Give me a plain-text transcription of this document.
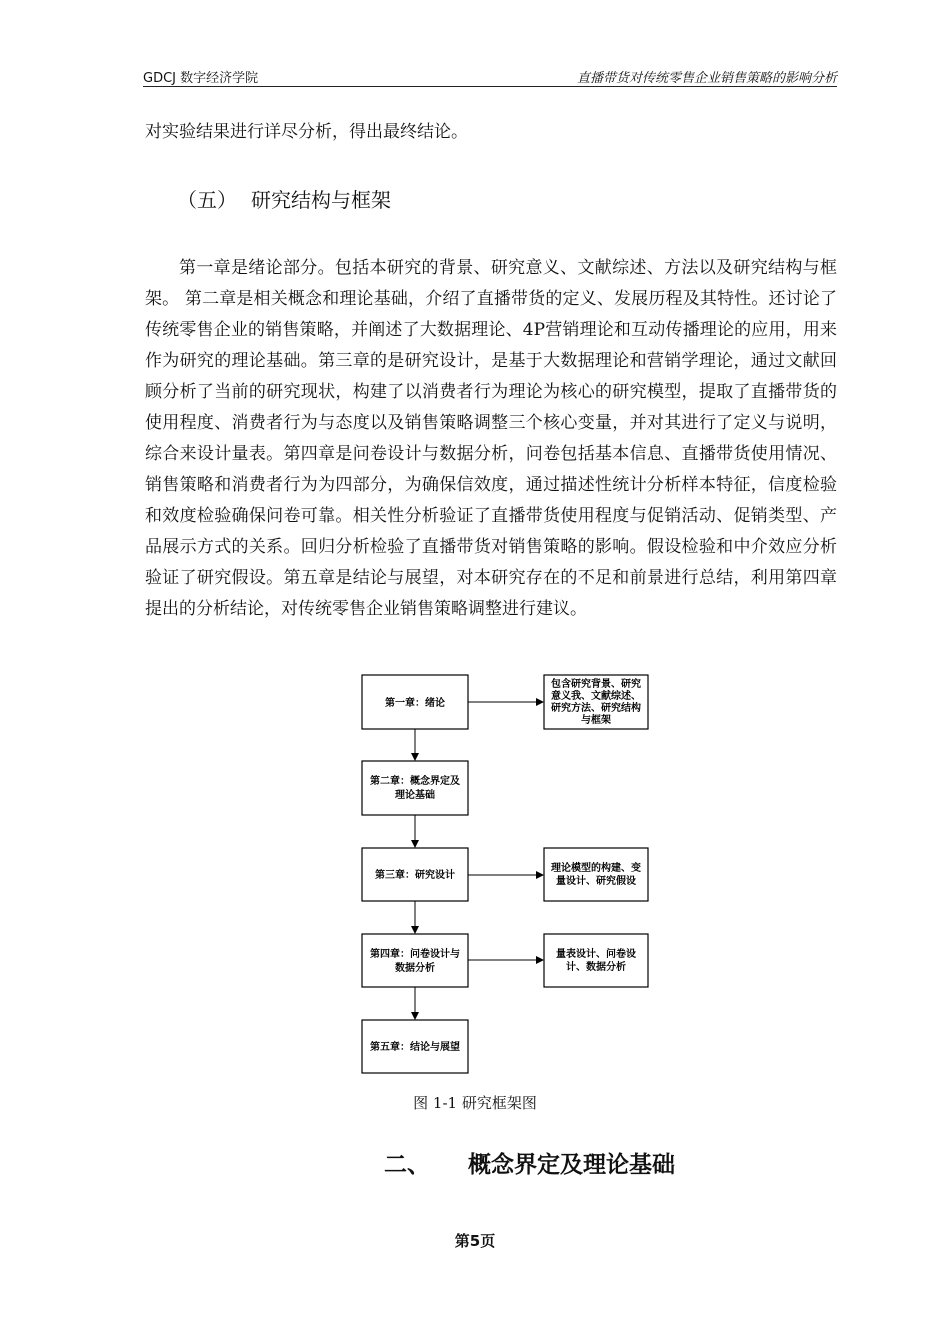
GDCJ 数字经济学院	直播带货对传统零售企业销售策略的影响分析
对实验结果进行详尽分析，得出最终结论。
（五） 研究结构与框架
第一章是绪论部分。包括本研究的背景、研究意义、文献综述、方法以及研究结构与框架。 第二章是相关概念和理论基础，介绍了直播带货的定义、发展历程及其特性。还讨论了传统零售企业的销售策略，并阐述了大数据理论、4P营销理论和互动传播理论的应用，用来作为研究的理论基础。第三章的是研究设计，是基于大数据理论和营销学理论，通过文献回顾分析了当前的研究现状，构建了以消费者行为理论为核心的研究模型，提取了直播带货的使用程度、消费者行为与态度以及销售策略调整三个核心变量，并对其进行了定义与说明，综合来设计量表。第四章是问卷设计与数据分析，问卷包括基本信息、直播带货使用情况、销售策略和消费者行为为四部分，为确保信效度，通过描述性统计分析样本特征，信度检验和效度检验确保问卷可靠。相关性分析验证了直播带货使用程度与促销活动、促销类型、产品展示方式的关系。回归分析检验了直播带货对销售策略的影响。假设检验和中介效应分析验证了研究假设。第五章是结论与展望，对本研究存在的不足和前景进行总结，利用第四章提出的分析结论，对传统零售企业销售策略调整进行建议。
第一章：绪论
第二章：概念界定及
理论基础
第三章：研究设计
第四章：问卷设计与
数据分析
第五章：结论与展望
包含研究背景、研究
意义我、文献综述、
研究方法、研究结构
与框架
理论模型的构建、变
量设计、研究假设
量表设计、问卷设
计、数据分析
图 1-1 研究框架图
二、 概念界定及理论基础
第5页
